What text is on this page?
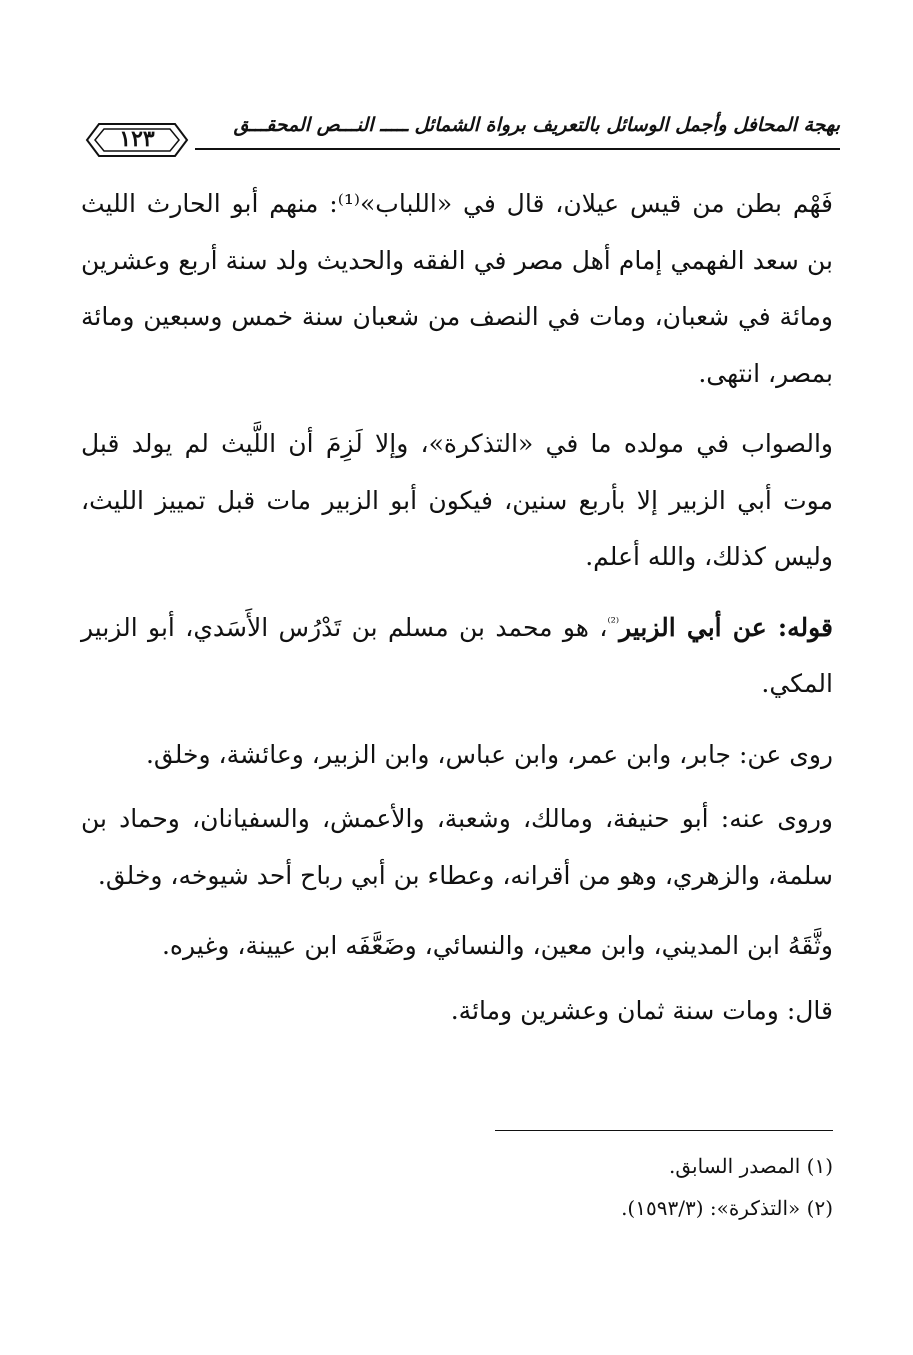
بهجة المحافل وأجمل الوسائل بالتعريف برواة الشمائل ـــــ النـــص المحقـــق
١٢٣

فَهْم بطن من قيس عيلان، قال في «اللباب»⁽¹⁾: منهم أبو الحارث الليث بن سعد الفهمي إمام أهل مصر في الفقه والحديث ولد سنة أربع وعشرين ومائة في شعبان، ومات في النصف من شعبان سنة خمس وسبعين ومائة بمصر، انتهى.

والصواب في مولده ما في «التذكرة»، وإلا لَزِمَ أن اللَّيث لم يولد قبل موت أبي الزبير إلا بأربع سنين، فيكون أبو الزبير مات قبل تمييز الليث، وليس كذلك، والله أعلم.

قوله: عن أبي الزبير$^{^{(2)}}$، هو محمد بن مسلم بن تَدْرُس الأَسَدي، أبو الزبير المكي.

روى عن: جابر، وابن عمر، وابن عباس، وابن الزبير، وعائشة، وخلق.

وروى عنه: أبو حنيفة، ومالك، وشعبة، والأعمش، والسفيانان، وحماد بن سلمة، والزهري، وهو من أقرانه، وعطاء بن أبي رباح أحد شيوخه، وخلق.

وثَّقَهُ ابن المديني، وابن معين، والنسائي، وضَعَّفَه ابن عيينة، وغيره.

قال: ومات سنة ثمان وعشرين ومائة.

(١) المصدر السابق.

(٢) «التذكرة»: (١٥٩٣/٣).
